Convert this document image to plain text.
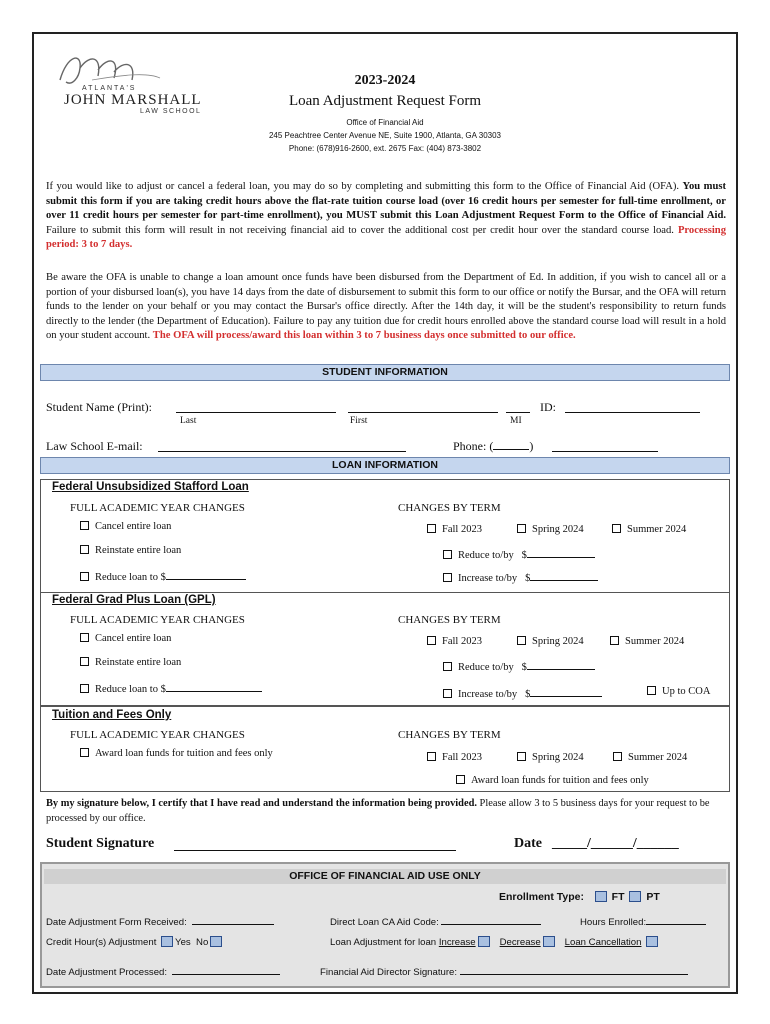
ATLANTA'S
JOHN MARSHALL
LAW SCHOOL
2023-2024
Loan Adjustment Request Form
Office of Financial Aid
245 Peachtree Center Avenue NE, Suite 1900, Atlanta, GA 30303
Phone: (678)916-2600, ext. 2675 Fax: (404) 873-3802
If you would like to adjust or cancel a federal loan, you may do so by completing and submitting this form to the Office of Financial Aid (OFA). You must submit this form if you are taking credit hours above the flat-rate tuition course load (over 16 credit hours per semester for full-time enrollment, or over 11 credit hours per semester for part-time enrollment), you MUST submit this Loan Adjustment Request Form to the Office of Financial Aid. Failure to submit this form will result in not receiving financial aid to cover the additional cost per credit hour over the standard course load. Processing period: 3 to 7 days.
Be aware the OFA is unable to change a loan amount once funds have been disbursed from the Department of Ed. In addition, if you wish to cancel all or a portion of your disbursed loan(s), you have 14 days from the date of disbursement to submit this form to our office or notify the Bursar, and the OFA will return funds to the lender on your behalf or you may contact the Bursar's office directly. After the 14th day, it will be the student's responsibility to return funds directly to the lender (the Department of Education). Failure to pay any tuition due for credit hours enrolled above the standard course load will result in a hold on your student account. The OFA will process/award this loan within 3 to 7 business days once submitted to our office.
STUDENT INFORMATION
Student Name (Print):	ID:
Last	First	MI
Law School E-mail:	Phone: (	)
LOAN INFORMATION
Federal Unsubsidized Stafford Loan
FULL ACADEMIC YEAR CHANGES	CHANGES BY TERM
Cancel entire loan
Reinstate entire loan
Reduce loan to $
Fall 2023	Spring 2024	Summer 2024
Reduce to/by $
Increase to/by $
Federal Grad Plus Loan (GPL)
FULL ACADEMIC YEAR CHANGES	CHANGES BY TERM
Cancel entire loan
Reinstate entire loan
Reduce loan to $
Fall 2023	Spring 2024	Summer 2024
Reduce to/by $
Increase to/by $	Up to COA
Tuition and Fees Only
FULL ACADEMIC YEAR CHANGES	CHANGES BY TERM
Award loan funds for tuition and fees only	Fall 2023	Spring 2024	Summer 2024
Award loan funds for tuition and fees only
By my signature below, I certify that I have read and understand the information being provided. Please allow 3 to 5 business days for your request to be processed by our office.
Student Signature	Date _____/______/______
OFFICE OF FINANCIAL AID USE ONLY
Enrollment Type:	FT PT
Date Adjustment Form Received:	Direct Loan CA Aid Code:	Hours Enrolled:
Credit Hour(s) Adjustment Yes No	Loan Adjustment for loan Increase	Decrease	Loan Cancellation
Date Adjustment Processed:	Financial Aid Director Signature:
